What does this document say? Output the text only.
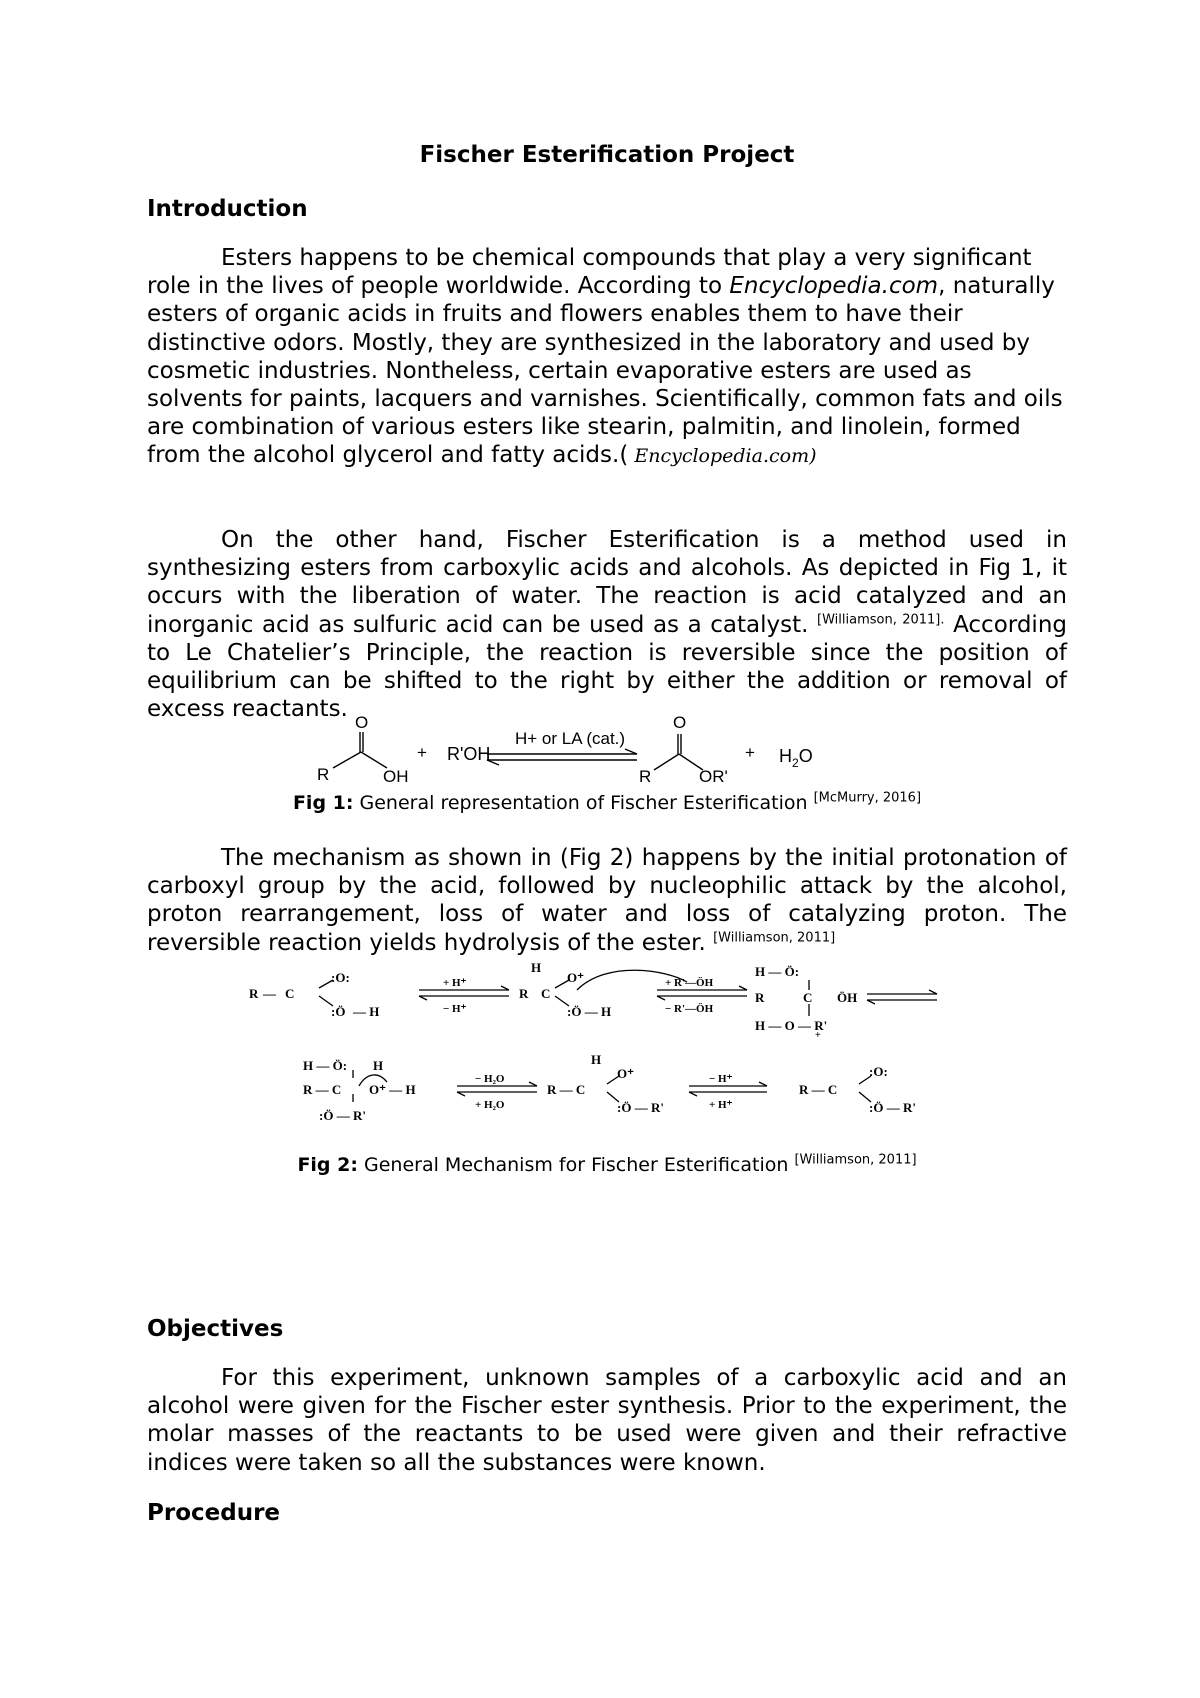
Fischer Esterification Project
Introduction
Esters happens to be chemical compounds that play a very significant role in the lives of people worldwide. According to Encyclopedia.com, naturally esters of organic acids in fruits and flowers enables them to have their distinctive odors. Mostly, they are synthesized in the laboratory and used by cosmetic industries. Nontheless, certain evaporative esters are used as solvents for paints, lacquers and varnishes. Scientifically, common fats and oils are combination of various esters like stearin, palmitin, and linolein, formed from the alcohol glycerol and fatty acids.( Encyclopedia.com)
On the other hand, Fischer Esterification is a method used in synthesizing esters from carboxylic acids and alcohols. As depicted in Fig 1, it occurs with the liberation of water. The reaction is acid catalyzed and an inorganic acid as sulfuric acid can be used as a catalyst. $^{[Williamson, 2011].}$ According to Le Chatelier’s Principle, the reaction is reversible since the position of equilibrium can be shifted to the right by either the addition or removal of excess reactants.
O
R	OH
+ R'OH
H+ or LA (cat.)
O
R	OR'
+ $H_2O$
Fig 1: General representation of Fischer Esterification [McMurry, 2016]
The mechanism as shown in (Fig 2) happens by the initial protonation of carboxyl group by the acid, followed by nucleophilic attack by the alcohol, proton rearrangement, loss of water and loss of catalyzing proton. The reversible reaction yields hydrolysis of the ester. [Williamson, 2011]
R — C
:O:
:Ö — H
+ H⁺
− H⁺
H
R C
O⁺
:Ö — H
+ R'—ÖH
− R'—ÖH
H — Ö:
R	C ÖH
H — O — R'
+
H — Ö: H
R — C O⁺ — H
:Ö — R'
− H₂O
+ H₂O
H
R — C
O⁺
:Ö — R'
− H⁺
+ H⁺
R — C
:O:
:Ö — R'
Fig 2: General Mechanism for Fischer Esterification [Williamson, 2011]
Objectives
For this experiment, unknown samples of a carboxylic acid and an alcohol were given for the Fischer ester synthesis. Prior to the experiment, the molar masses of the reactants to be used were given and their refractive indices were taken so all the substances were known.
Procedure
